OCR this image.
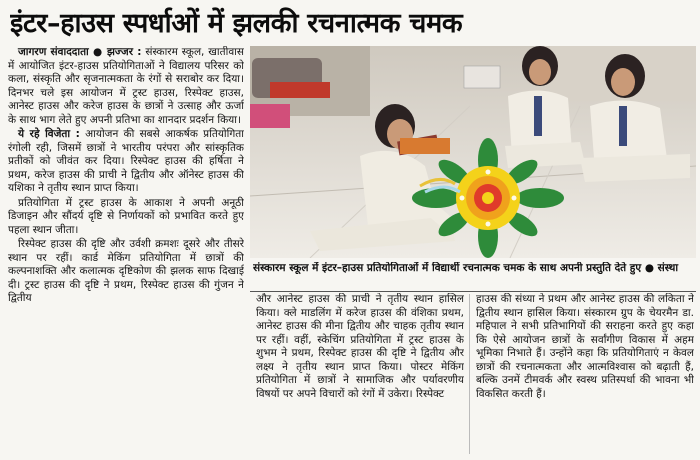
इंटर–हाउस स्पर्धाओं में झलकी रचनात्मक चमक

जागरण संवाददाता ● झज्जर : संस्कारम स्कूल, खातीवास में आयोजित इंटर-हाउस प्रतियोगिताओं ने विद्यालय परिसर को कला, संस्कृति और सृजनात्मकता के रंगों से सराबोर कर दिया। दिनभर चले इस आयोजन में ट्रस्ट हाउस, रिस्पेक्ट हाउस, आनेस्ट हाउस और करेज हाउस के छात्रों ने उत्साह और ऊर्जा के साथ भाग लेते हुए अपनी प्रतिभा का शानदार प्रदर्शन किया।

ये रहे विजेता : आयोजन की सबसे आकर्षक प्रतियोगिता रंगोली रही, जिसमें छात्रों ने भारतीय परंपरा और सांस्कृतिक प्रतीकों को जीवंत कर दिया। रिस्पेक्ट हाउस की हर्षिता ने प्रथम, करेज हाउस की प्राची ने द्वितीय और ऑनेस्ट हाउस की यशिका ने तृतीय स्थान प्राप्त किया।

प्रतियोगिता में ट्रस्ट हाउस के आकाश ने अपनी अनूठी डिजाइन और सौंदर्य दृष्टि से निर्णायकों को प्रभावित करते हुए पहला स्थान जीता।

रिस्पेक्ट हाउस की दृष्टि और उर्वशी क्रमशः दूसरे और तीसरे स्थान पर रहीं। कार्ड मेकिंग प्रतियोगिता में छात्रों की कल्पनाशक्ति और कलात्मक दृष्टिकोण की झलक साफ दिखाई दी। ट्रस्ट हाउस की दृष्टि ने प्रथम, रिस्पेक्ट हाउस की गुंजन ने द्वितीय

संस्कारम स्कूल में इंटर–हाउस प्रतियोगिताओं में विद्यार्थी रचनात्मक चमक के साथ अपनी प्रस्तुति देते हुए ● संस्था

और आनेस्ट हाउस की प्राची ने तृतीय स्थान हासिल किया। क्ले माडलिंग में करेज हाउस की वंशिका प्रथम, आनेस्ट हाउस की मीना द्वितीय और चाहक तृतीय स्थान पर रहीं। वहीं, स्केचिंग प्रतियोगिता में ट्रस्ट हाउस के शुभम ने प्रथम, रिस्पेक्ट हाउस की दृष्टि ने द्वितीय और लक्ष्य ने तृतीय स्थान प्राप्त किया। पोस्टर मेकिंग प्रतियोगिता में छात्रों ने सामाजिक और पर्यावरणीय विषयों पर अपने विचारों को रंगों में उकेरा। रिस्पेक्ट

हाउस की संध्या ने प्रथम और आनेस्ट हाउस की लकिता ने द्वितीय स्थान हासिल किया। संस्कारम ग्रुप के चेयरमैन डा. महिपाल ने सभी प्रतिभागियों की सराहना करते हुए कहा कि ऐसे आयोजन छात्रों के सर्वांगीण विकास में अहम भूमिका निभाते हैं। उन्होंने कहा कि प्रतियोगिताएं न केवल छात्रों की रचनात्मकता और आत्मविश्वास को बढ़ाती हैं, बल्कि उनमें टीमवर्क और स्वस्थ प्रतिस्पर्धा की भावना भी विकसित करती हैं।
